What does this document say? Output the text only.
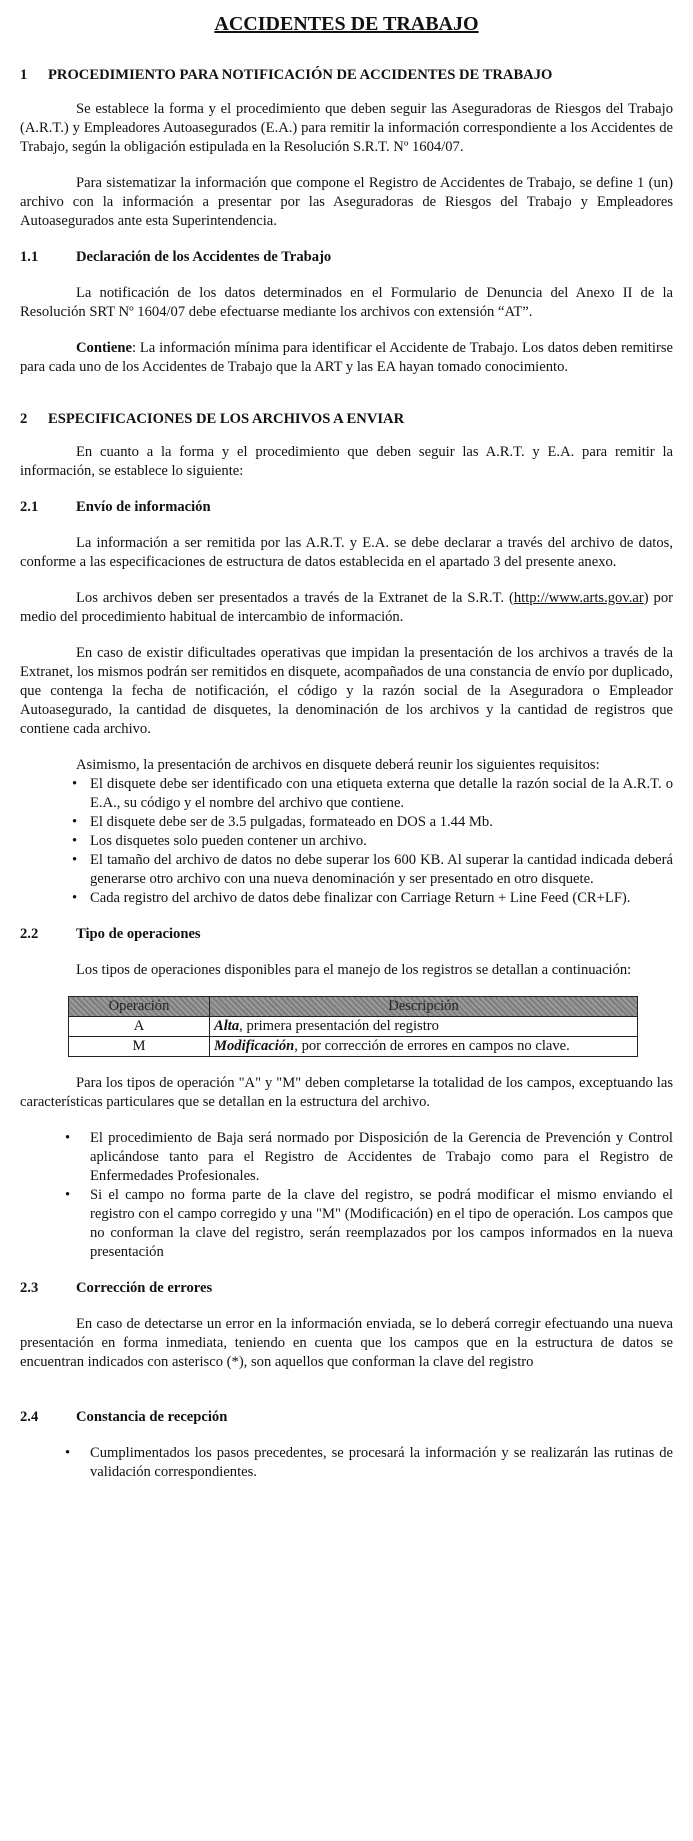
ACCIDENTES DE TRABAJO
1	PROCEDIMIENTO PARA NOTIFICACIÓN DE ACCIDENTES DE TRABAJO

Se establece la forma y el procedimiento que deben seguir las Aseguradoras de Riesgos del Trabajo (A.R.T.) y Empleadores Autoasegurados (E.A.) para remitir la información correspondiente a los Accidentes de Trabajo, según la obligación estipulada en la Resolución S.R.T. Nº 1604/07.

Para sistematizar la información que compone el Registro de Accidentes de Trabajo, se define 1 (un) archivo con la información a presentar por las Aseguradoras de Riesgos del Trabajo y Empleadores Autoasegurados ante esta Superintendencia.

1.1	Declaración de los Accidentes de Trabajo

La notificación de los datos determinados en el Formulario de Denuncia del Anexo II de la Resolución SRT Nº 1604/07 debe efectuarse mediante los archivos con extensión “AT”.

Contiene: La información mínima para identificar el Accidente de Trabajo. Los datos deben remitirse para cada uno de los Accidentes de Trabajo que la ART y las EA hayan tomado conocimiento.

2	ESPECIFICACIONES DE LOS ARCHIVOS A ENVIAR

En cuanto a la forma y el procedimiento que deben seguir las A.R.T. y E.A. para remitir la información, se establece lo siguiente:

2.1	Envío de información

La información a ser remitida por las A.R.T. y E.A. se debe declarar a través del archivo de datos, conforme a las especificaciones de estructura de datos establecida en el apartado 3 del presente anexo.

Los archivos deben ser presentados a través de la Extranet de la S.R.T. (http://www.arts.gov.ar) por medio del procedimiento habitual de intercambio de información.

En caso de existir dificultades operativas que impidan la presentación de los archivos a través de la Extranet, los mismos podrán ser remitidos en disquete, acompañados de una constancia de envío por duplicado, que contenga la fecha de notificación, el código y la razón social de la Aseguradora o Empleador Autoasegurado, la cantidad de disquetes, la denominación de los archivos y la cantidad de registros que contiene cada archivo.

Asimismo, la presentación de archivos en disquete deberá reunir los siguientes requisitos:

• El disquete debe ser identificado con una etiqueta externa que detalle la razón social de la A.R.T. o E.A., su código y el nombre del archivo que contiene.
• El disquete debe ser de 3.5 pulgadas, formateado en DOS a 1.44 Mb.
• Los disquetes solo pueden contener un archivo.
• El tamaño del archivo de datos no debe superar los 600 KB. Al superar la cantidad indicada deberá generarse otro archivo con una nueva denominación y ser presentado en otro disquete.
• Cada registro del archivo de datos debe finalizar con Carriage Return + Line Feed (CR+LF).
2.2	Tipo de operaciones

Los tipos de operaciones disponibles para el manejo de los registros se detallan a continuación:

Operación	Descripción
A	Alta, primera presentación del registro
M	Modificación, por corrección de errores en campos no clave.

Para los tipos de operación "A" y "M" deben completarse la totalidad de los campos, exceptuando las características particulares que se detallan en la estructura del archivo.

• El procedimiento de Baja será normado por Disposición de la Gerencia de Prevención y Control aplicándose tanto para el Registro de Accidentes de Trabajo como para el Registro de Enfermedades Profesionales.
• Si el campo no forma parte de la clave del registro, se podrá modificar el mismo enviando el registro con el campo corregido y una "M" (Modificación) en el tipo de operación. Los campos que no conforman la clave del registro, serán reemplazados por los campos informados en la nueva presentación
2.3	Corrección de errores

En caso de detectarse un error en la información enviada, se lo deberá corregir efectuando una nueva presentación en forma inmediata, teniendo en cuenta que los campos que en la estructura de datos se encuentran indicados con asterisco (*), son aquellos que conforman la clave del registro

2.4	Constancia de recepción
• Cumplimentados los pasos precedentes, se procesará la información y se realizarán las rutinas de validación correspondientes.
